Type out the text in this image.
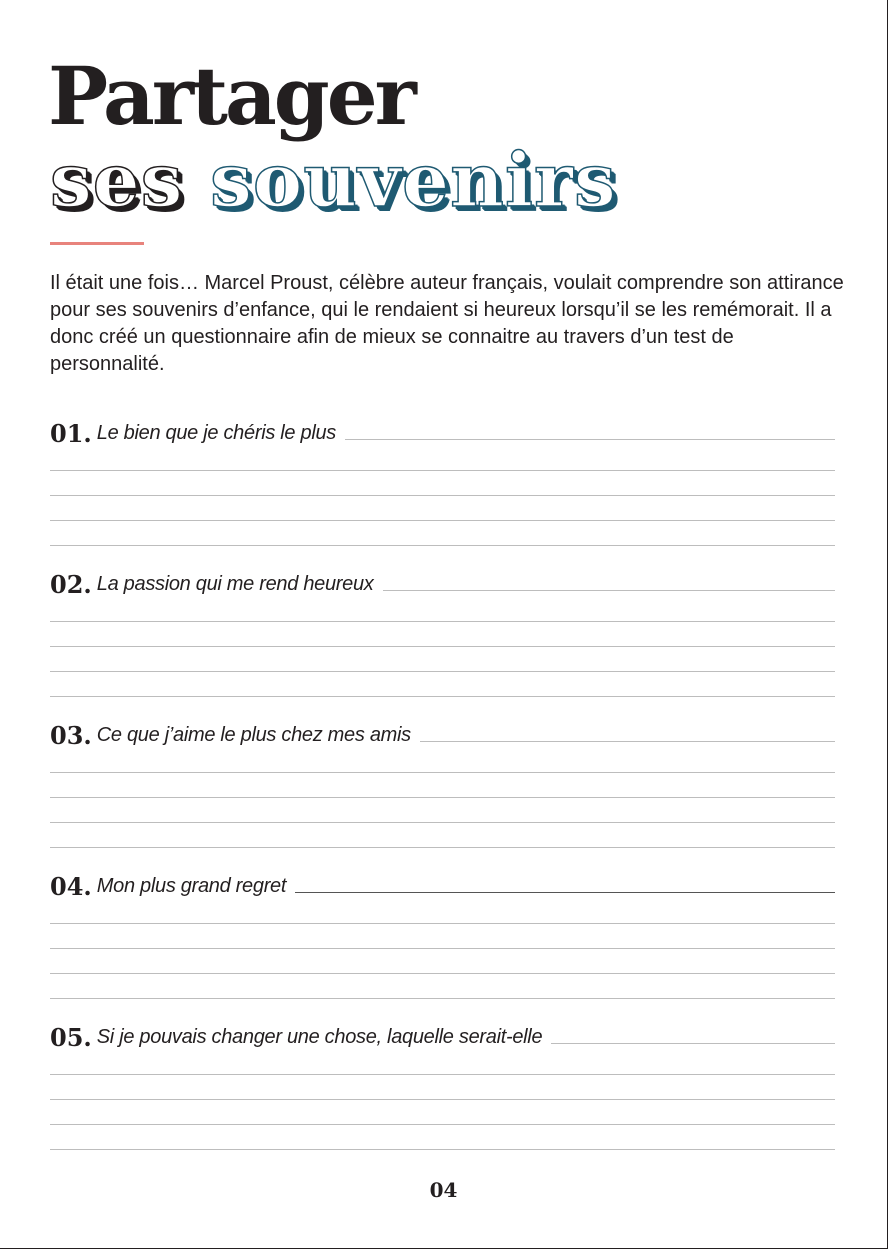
Partager
ses souvenirs
Il était une fois… Marcel Proust, célèbre auteur français, voulait comprendre son attirance pour ses souvenirs d’enfance, qui le rendaient si heureux lorsqu’il se les remémorait. Il a donc créé un questionnaire afin de mieux se connaitre au travers d’un test de personnalité.
01. Le bien que je chéris le plus
02. La passion qui me rend heureux
03. Ce que j’aime le plus chez mes amis
04. Mon plus grand regret
05. Si je pouvais changer une chose, laquelle serait-elle
04
